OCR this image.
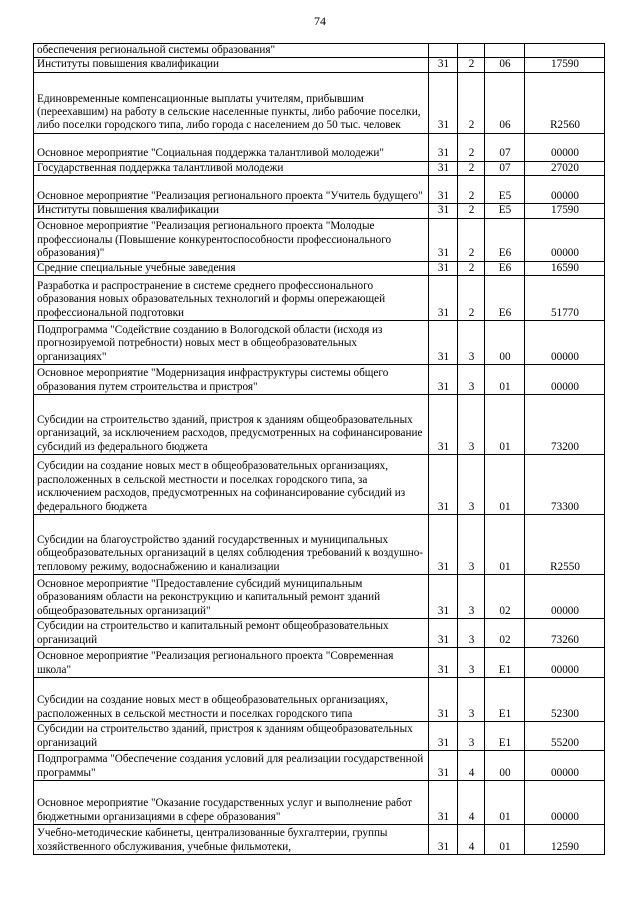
74
обеспечения региональной системы образования"				
Институты повышения квалификации	31	2	06	17590
Единовременные компенсационные выплаты учителям, прибывшим (переехавшим) на работу в сельские населенные пункты, либо рабочие поселки, либо поселки городского типа, либо города с населением до 50 тыс. человек	31	2	06	R2560
Основное мероприятие "Социальная поддержка талантливой молодежи"	31	2	07	00000
Государственная поддержка талантливой молодежи	31	2	07	27020
Основное мероприятие "Реализация регионального проекта "Учитель будущего"	31	2	E5	00000
Институты повышения квалификации	31	2	E5	17590
Основное мероприятие "Реализация регионального проекта "Молодые профессионалы (Повышение конкурентоспособности профессионального образования)"	31	2	E6	00000
Средние специальные учебные заведения	31	2	E6	16590
Разработка и распространение в системе среднего профессионального образования новых образовательных технологий и формы опережающей профессиональной подготовки	31	2	E6	51770
Подпрограмма "Содействие созданию в Вологодской области (исходя из прогнозируемой потребности) новых мест в общеобразовательных организациях"	31	3	00	00000
Основное мероприятие "Модернизация инфраструктуры системы общего образования путем строительства и пристроя"	31	3	01	00000
Субсидии на строительство зданий, пристроя к зданиям общеобразовательных организаций, за исключением расходов, предусмотренных на софинансирование субсидий из федерального бюджета	31	3	01	73200
Субсидии на создание новых мест в общеобразовательных организациях, расположенных в сельской местности и поселках городского типа, за исключением расходов, предусмотренных на софинансирование субсидий из федерального бюджета	31	3	01	73300
Субсидии на благоустройство зданий государственных и муниципальных общеобразовательных организаций в целях соблюдения требований к воздушно-тепловому режиму, водоснабжению и канализации	31	3	01	R2550
Основное мероприятие "Предоставление субсидий муниципальным образованиям области на реконструкцию и капитальный ремонт зданий общеобразовательных организаций"	31	3	02	00000
Субсидии на строительство и капитальный ремонт общеобразовательных организаций	31	3	02	73260
Основное мероприятие "Реализация регионального проекта "Современная школа"	31	3	E1	00000
Субсидии на создание новых мест в общеобразовательных организациях, расположенных в сельской местности и поселках городского типа	31	3	E1	52300
Субсидии на строительство зданий, пристроя к зданиям общеобразовательных организаций	31	3	E1	55200
Подпрограмма "Обеспечение создания условий для реализации государственной программы"	31	4	00	00000
Основное мероприятие "Оказание государственных услуг и выполнение работ бюджетными организациями в сфере образования"	31	4	01	00000
Учебно-методические кабинеты, централизованные бухгалтерии, группы хозяйственного обслуживания, учебные фильмотеки,	31	4	01	12590
